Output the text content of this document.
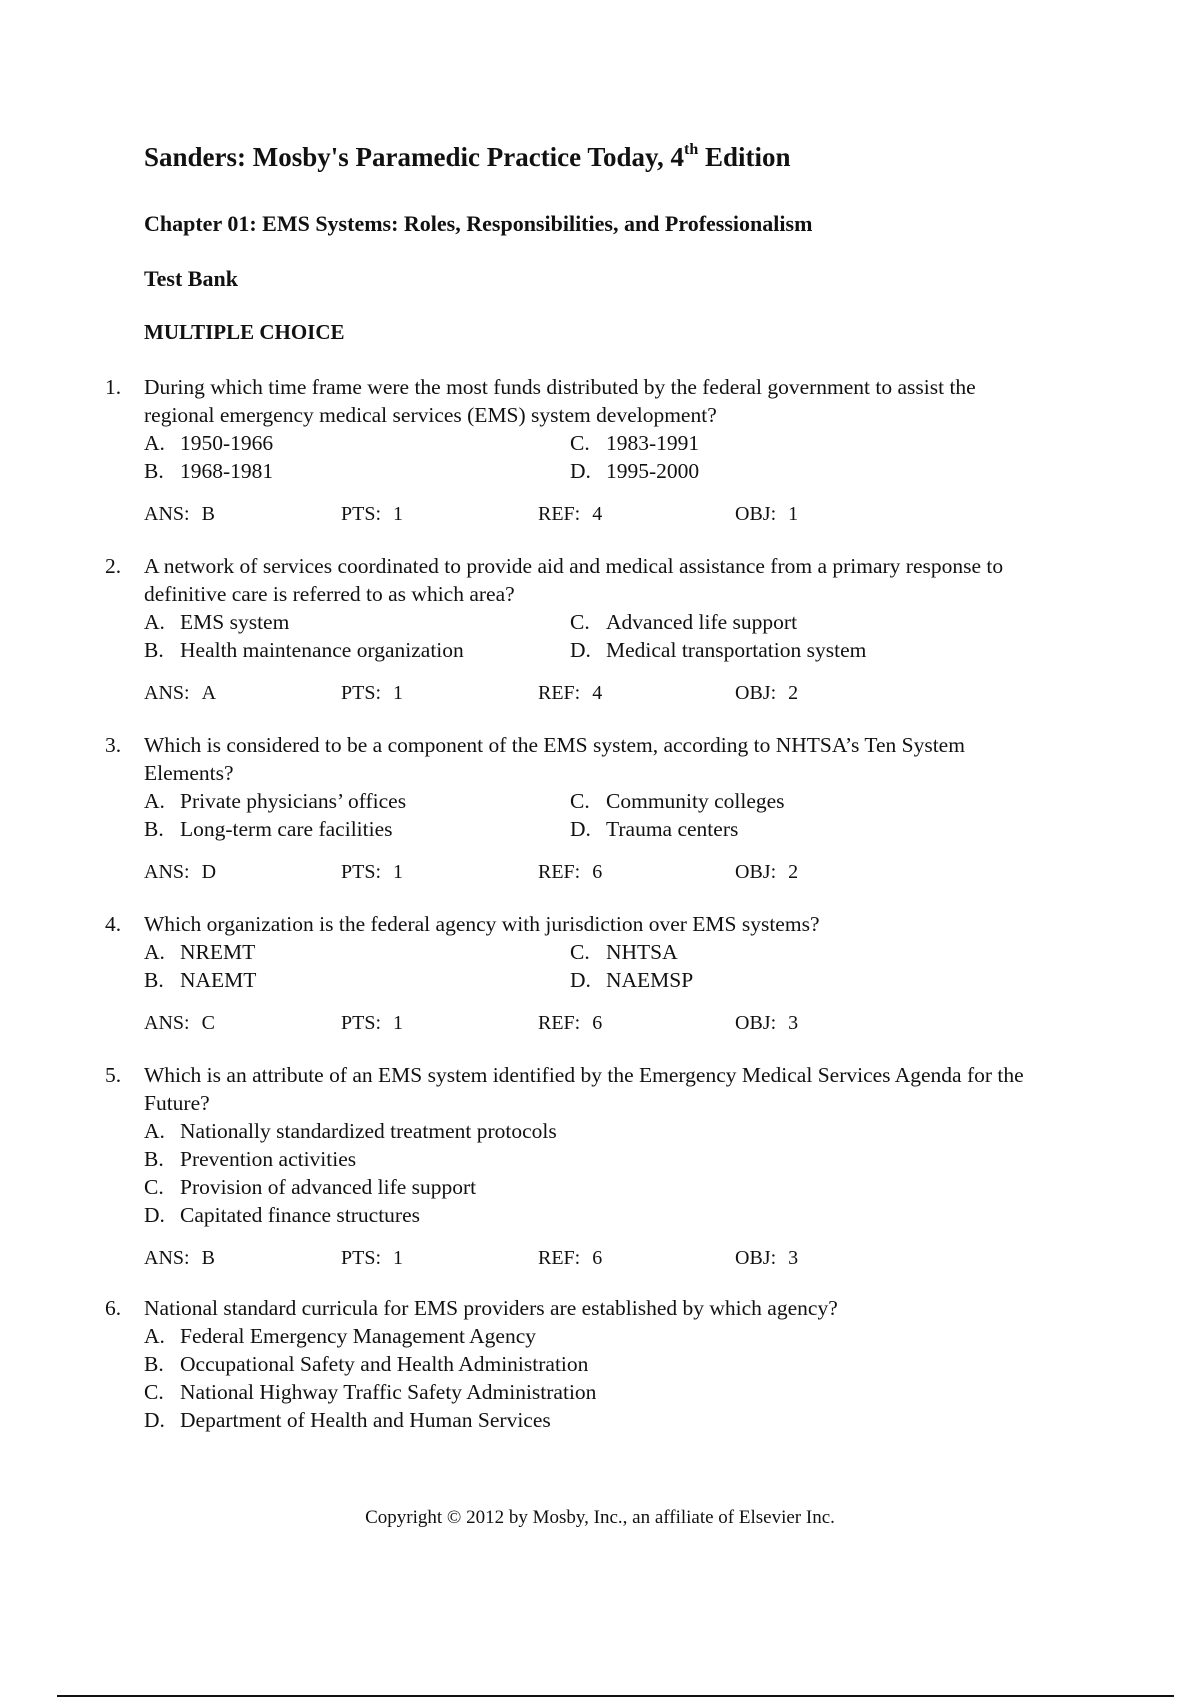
Sanders: Mosby's Paramedic Practice Today, 4th Edition
Chapter 01: EMS Systems: Roles, Responsibilities, and Professionalism
Test Bank
MULTIPLE CHOICE
1.	During which time frame were the most funds distributed by the federal government to assist the regional emergency medical services (EMS) system development?
A. 1950-1966	C. 1983-1991
B. 1968-1981	D. 1995-2000
ANS: B	PTS: 1	REF: 4	OBJ: 1
2.	A network of services coordinated to provide aid and medical assistance from a primary response to definitive care is referred to as which area?
A. EMS system	C. Advanced life support
B. Health maintenance organization	D. Medical transportation system
ANS: A	PTS: 1	REF: 4	OBJ: 2
3.	Which is considered to be a component of the EMS system, according to NHTSA’s Ten System Elements?
A. Private physicians’ offices	C. Community colleges
B. Long-term care facilities	D. Trauma centers
ANS: D	PTS: 1	REF: 6	OBJ: 2
4.	Which organization is the federal agency with jurisdiction over EMS systems?
A. NREMT	C. NHTSA
B. NAEMT	D. NAEMSP
ANS: C	PTS: 1	REF: 6	OBJ: 3
5.	Which is an attribute of an EMS system identified by the Emergency Medical Services Agenda for the Future?
A. Nationally standardized treatment protocols
B. Prevention activities
C. Provision of advanced life support
D. Capitated finance structures
ANS: B	PTS: 1	REF: 6	OBJ: 3
6.	National standard curricula for EMS providers are established by which agency?
A. Federal Emergency Management Agency
B. Occupational Safety and Health Administration
C. National Highway Traffic Safety Administration
D. Department of Health and Human Services
Copyright © 2012 by Mosby, Inc., an affiliate of Elsevier Inc.
